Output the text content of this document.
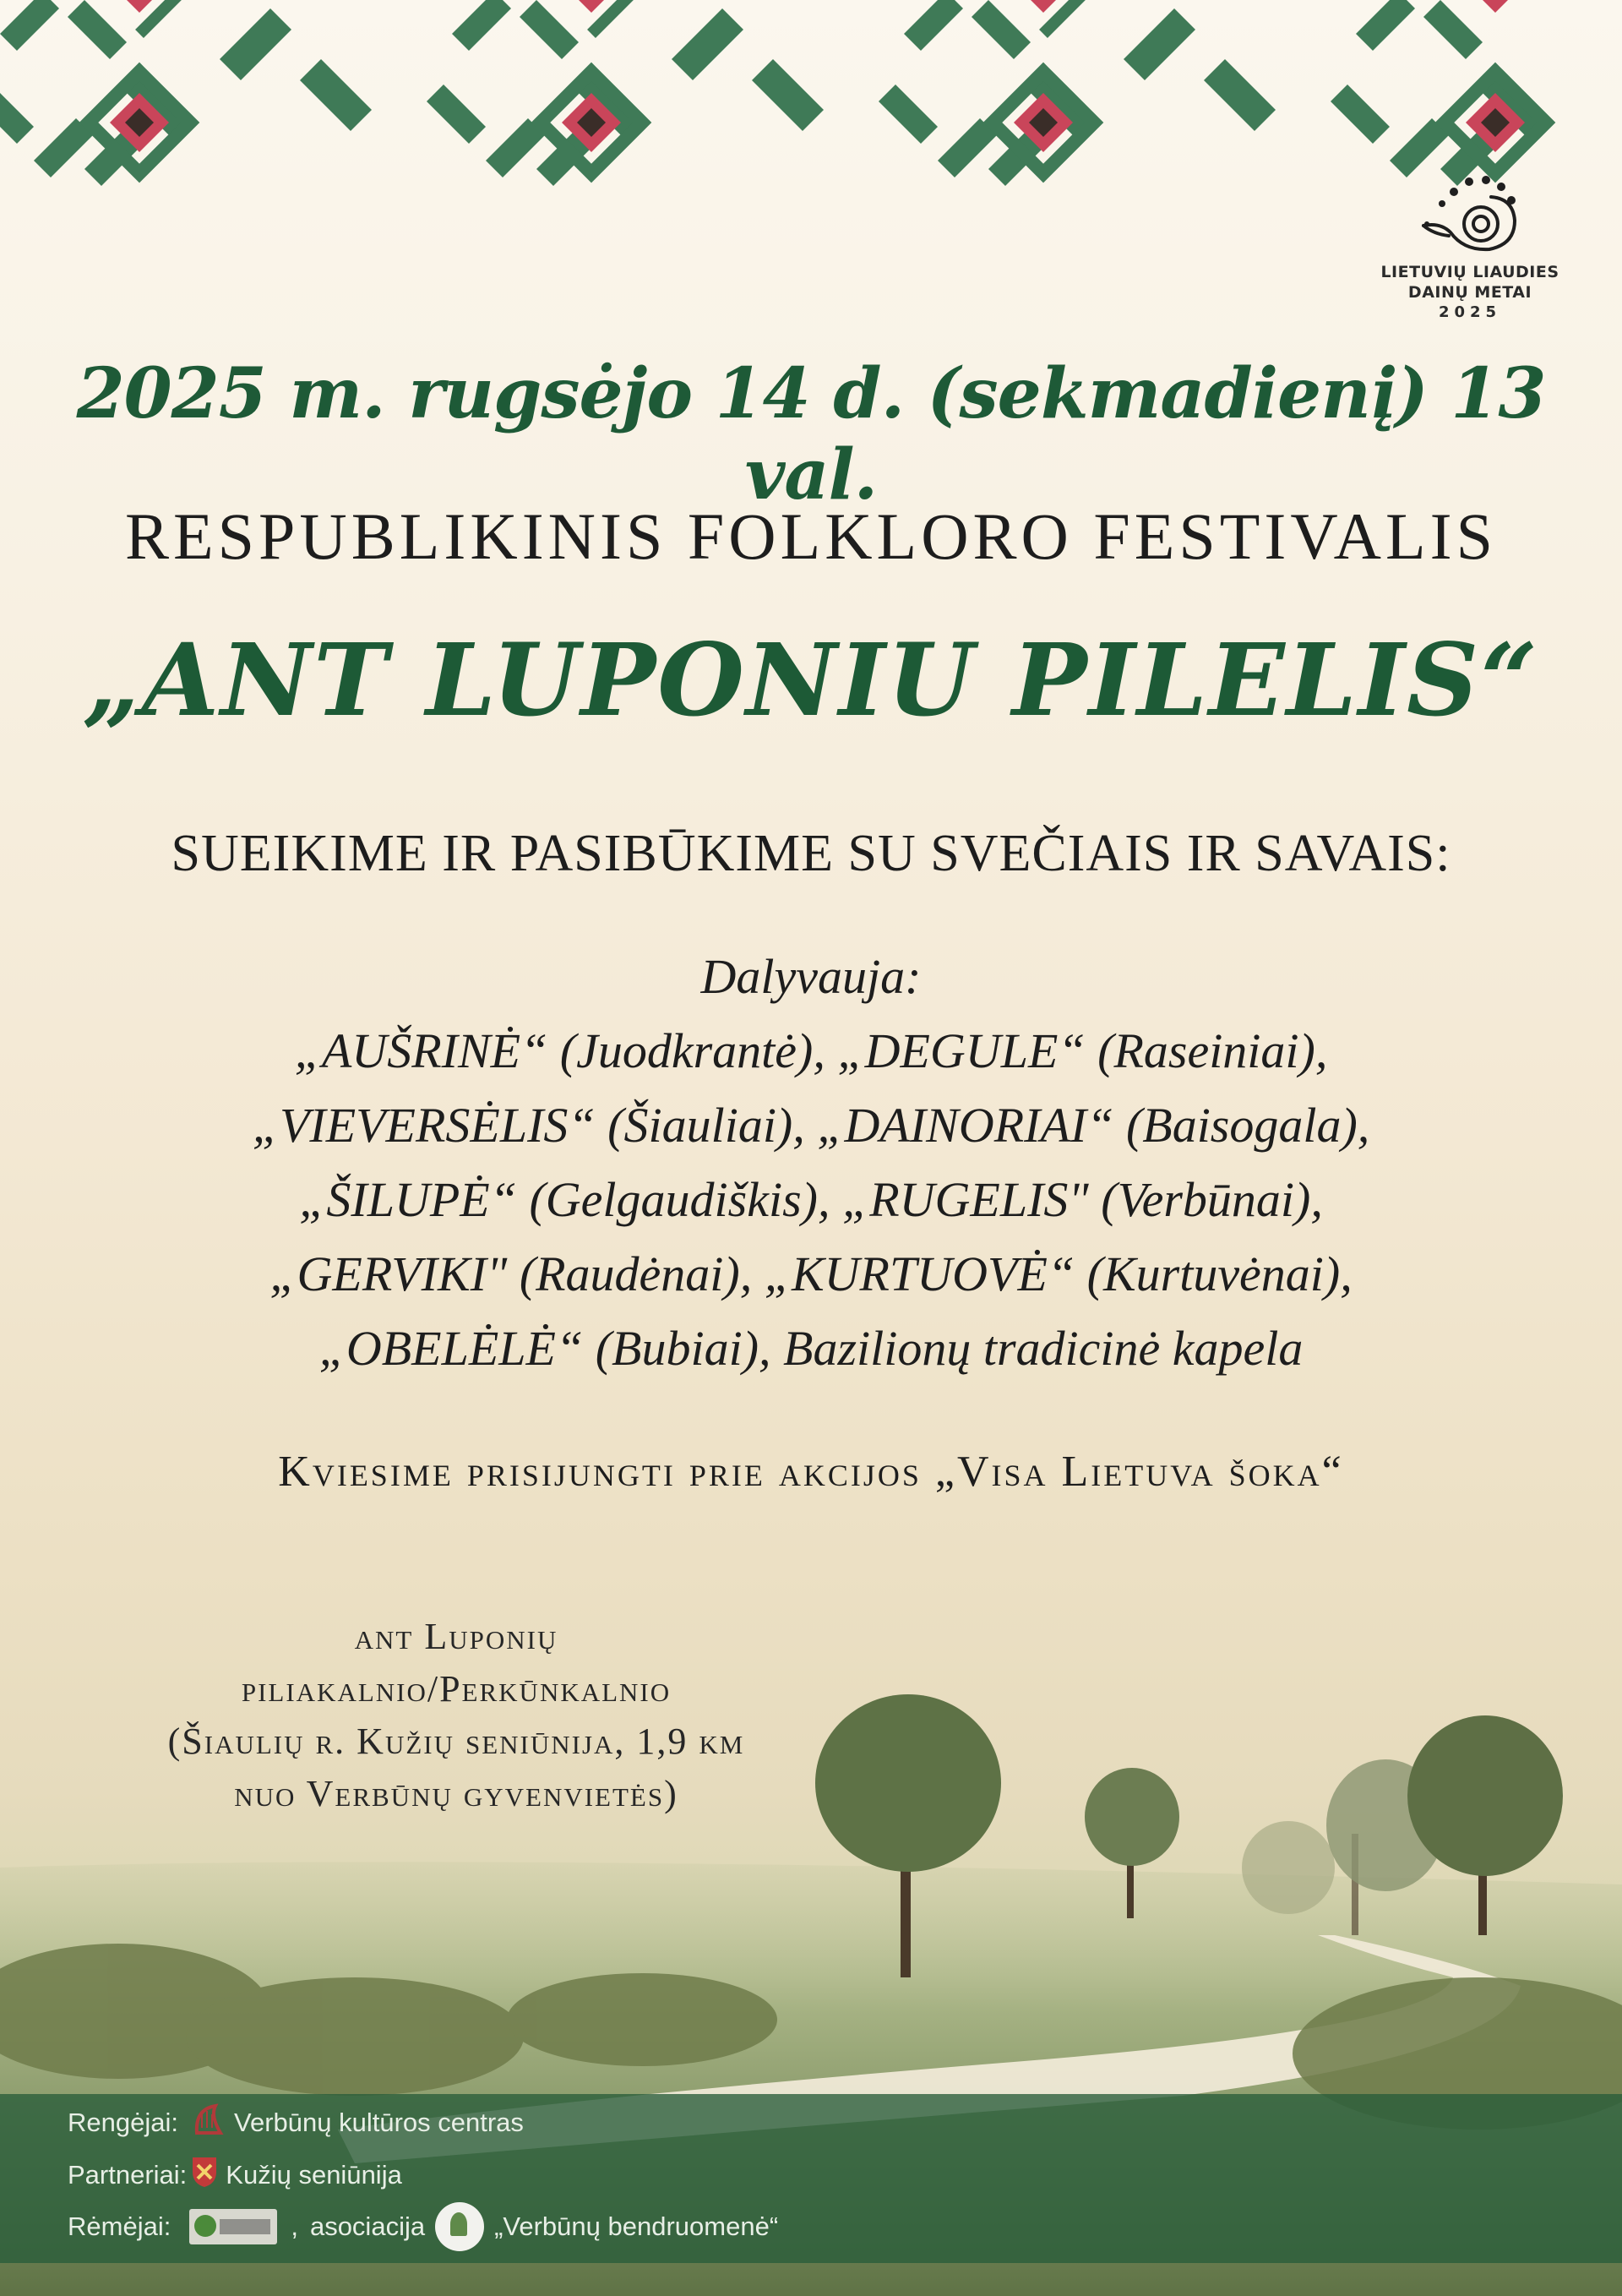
LIETUVIŲ LIAUDIES
DAINŲ METAI
2025
2025 m. rugsėjo 14 d. (sekmadienį) 13 val.
RESPUBLIKINIS FOLKLORO FESTIVALIS
„ANT LUPONIU PILELIS“
SUEIKIME IR PASIBŪKIME SU SVEČIAIS IR SAVAIS:
Dalyvauja:
„AUŠRINĖ“ (Juodkrantė), „DEGULE“ (Raseiniai),
„VIEVERSĖLIS“ (Šiauliai), „DAINORIAI“ (Baisogala),
„ŠILUPĖ“ (Gelgaudiškis), „RUGELIS" (Verbūnai),
„GERVIKI" (Raudėnai), „KURTUOVĖ“ (Kurtuvėnai),
„OBELĖLĖ“ (Bubiai), Bazilionų tradicinė kapela
Kviesime prisijungti prie akcijos „Visa Lietuva šoka“
ant Luponių
piliakalnio/Perkūnkalnio
(Šiaulių r. Kužių seniūnija, 1,9 km
nuo Verbūnų gyvenvietės)
Rengėjai: Verbūnų kultūros centras
Partneriai: Kužių seniūnija
Rėmėjai:	, asociacija	„Verbūnų bendruomenė“
